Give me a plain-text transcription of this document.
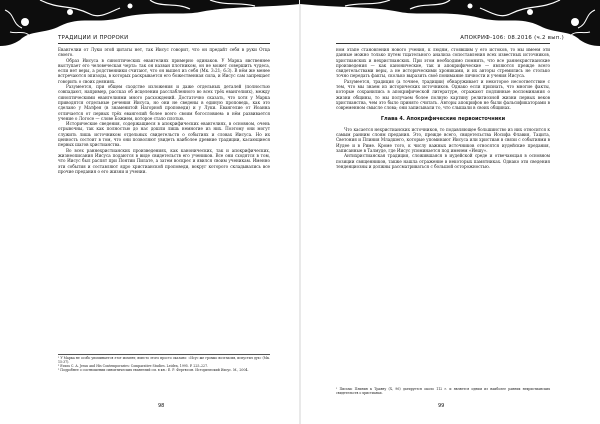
ТРАДИЦИИ И ПРОРОКИ

Евангелии от Луки этой цитаты нет, так Иисус говорит, что он предайт себя в руки Отца своего.

Образ Иисуса в синоптических евангелиях примерно одинаков. У Марка явственнее выступает его человеческая черта: так он назван плотником, он не может совершить чудеса, если нет веры, а родственники считают, что он вышел из себя (Мк. 3:21; 6:3). В нём же менее встречаются эпизоды, в которых раскрывается его божественная сила, и Иисус сам запрещает говорить о своих деяниях.

Разумеется, при общем сходстве изложения и даже отдельных деталей (полностью совпадают, например, рассказ об исцелении расслабленного во всех трёх евангелиях), между синоптическими евангелиями много расхождений. Достаточно сказать, что хотя у Марка приводятся отдельные речения Иисуса, но они не сведены в единую проповедь, как это сделано у Матфея (в знаменитой Нагорной проповеди) и у Луки. Евангелие от Иоанна отличается от первых трёх евангелий более всего своим богословием: в нём развивается учение о Логосе — слове Божием, которое стало плотью.

Исторические сведения, содержащиеся в апокрифических евангелиях, в основном, очень отрывочны, так как полностью до нас дошли лишь немногие из них. Поэтому они могут служить лишь источником отдельных свидетельств о событиях и словах Иисуса. Но их ценность состоит в том, что они позволяют увидеть наиболее древние традиции, касающиеся первых шагов христианства.

Во всех раннехристианских произведениях, как канонических, так и апокрифических, жизнеописания Иисуса подаются в виде свидетельств его учеников. Все они сходятся в том, что Иисус был распят при Понтии Пилате, а затем воскрес и явился своим ученикам. Именно эти события и составляют ядро христианской проповеди, вокруг которого складывались все прочие предания о его жизни и учении.

¹ У Марка не особо упоминается этот момент, вместо этого просто сказано: «Исус же громко возгласив, испустил дух» (Мк. 15:37).

² Evans C. A. Jesus and His Contemporaries: Comparative Studies. Leiden, 1995. P. 225–227.

³ Подробнее о соотношении синоптических евангелий см. в кн.: Е. Р. Фергюсон. Исторический Иисус. М., 2004.

98
АПОКРИФ-106: 08.2016 (ч.2 вып.)

ном этапе становления нового учения, к людям, стоявшим у его истоков, то мы имеем эти данные можно только путем тщательного анализа сопоставления всех известных источников, христианских и нехристианских. При этом необходимо помнить, что все раннехристианские произведения — как канонические, так и апокрифические — являются прежде всего свидетельствами веры, а не историческими хрониками, и их авторы стремились не столько точно передать факты, сколько выразить своё понимание личности и учения Иисуса.

Разумеется, традиция (а точнее, традиции) обнаруживает и некоторое несоответствие с тем, что мы знаем из исторических источников. Однако если признать, что многие факты, которые сохранились в апокрифической литературе, отражают подлинные воспоминания о жизни общины, то мы получаем более полную картину религиозной жизни первых веков христианства, чем это было принято считать. Авторы апокрифов не были фальсификаторами в современном смысле слова; они записывали то, что слышали в своих общинах.

Глава 4. Апокрифические первоисточники

Что касается нехристианских источников, то подавляющее большинство из них относится к самым ранним слоям предания. Это, прежде всего, свидетельства Иосифа Флавия, Тацита, Светония и Плиния Младшего, которые упоминают Иисуса или христиан в связи с событиями в Иудее и в Риме. Кроме того, к числу важных источников относятся иудейские предания, записанные в Талмуде, где Иисус упоминается под именем «Иешу».

Антихристианская традиция, сложившаяся в иудейской среде и отвечающая в основном позиции священников, также нашла отражение в некоторых памятниках. Однако эти сведения тенденциозны и должны рассматриваться с большой осторожностью.

¹ Письмо Плиния к Траяну (X, 96) датируется около 112 г. и является одним из наиболее ранних нехристианских свидетельств о христианах.

99
